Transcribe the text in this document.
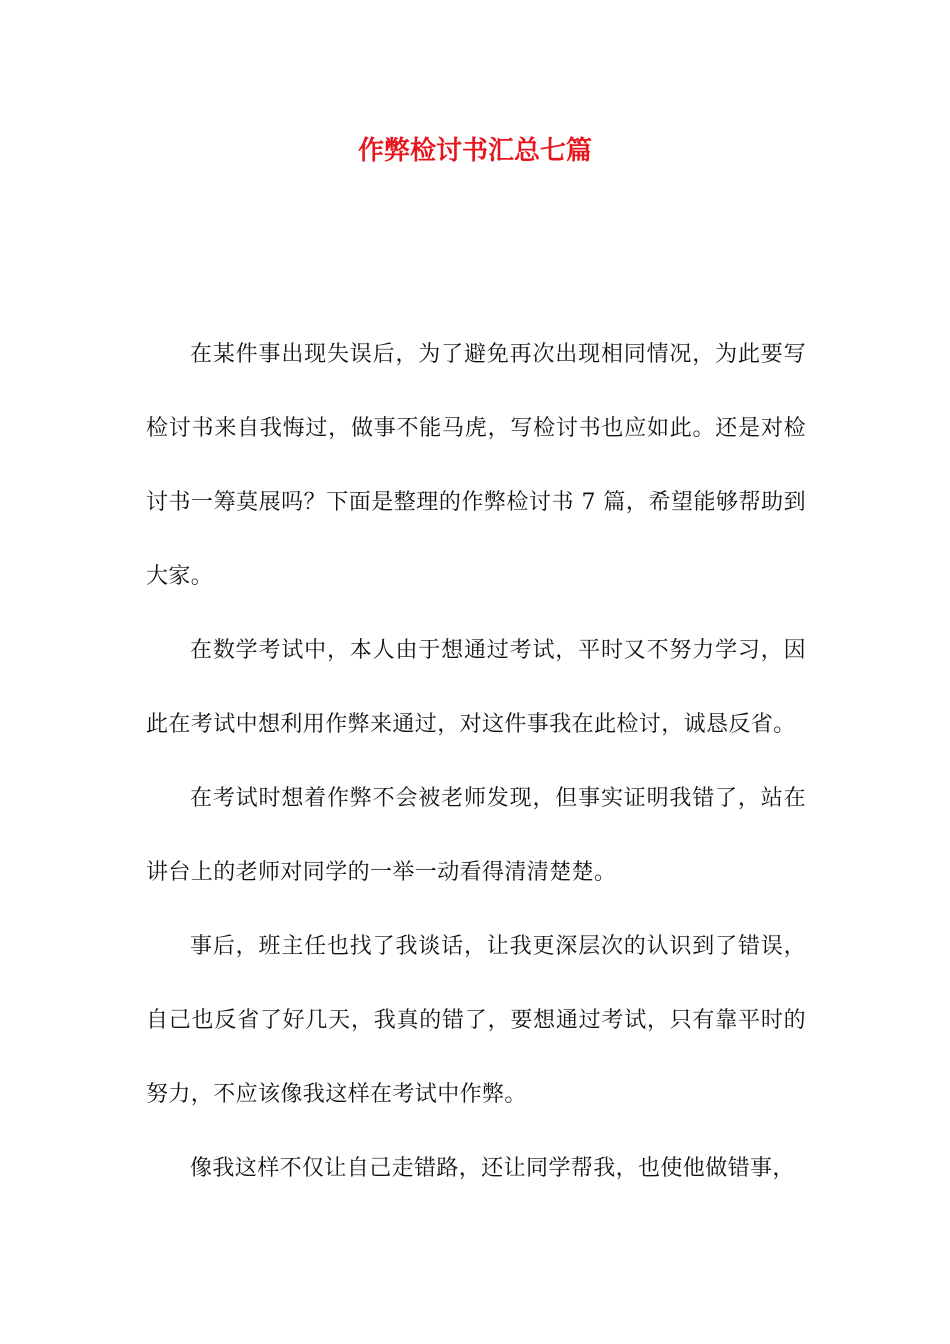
作弊检讨书汇总七篇

在某件事出现失误后，为了避免再次出现相同情况，为此要写检讨书来自我悔过，做事不能马虎，写检讨书也应如此。还是对检讨书一筹莫展吗？下面是整理的作弊检讨书 7 篇，希望能够帮助到大家。

在数学考试中，本人由于想通过考试，平时又不努力学习，因此在考试中想利用作弊来通过，对这件事我在此检讨，诚恳反省。

在考试时想着作弊不会被老师发现，但事实证明我错了，站在讲台上的老师对同学的一举一动看得清清楚楚。

事后，班主任也找了我谈话，让我更深层次的认识到了错误，自己也反省了好几天，我真的错了，要想通过考试，只有靠平时的努力，不应该像我这样在考试中作弊。

像我这样不仅让自己走错路，还让同学帮我，也使他做错事，
